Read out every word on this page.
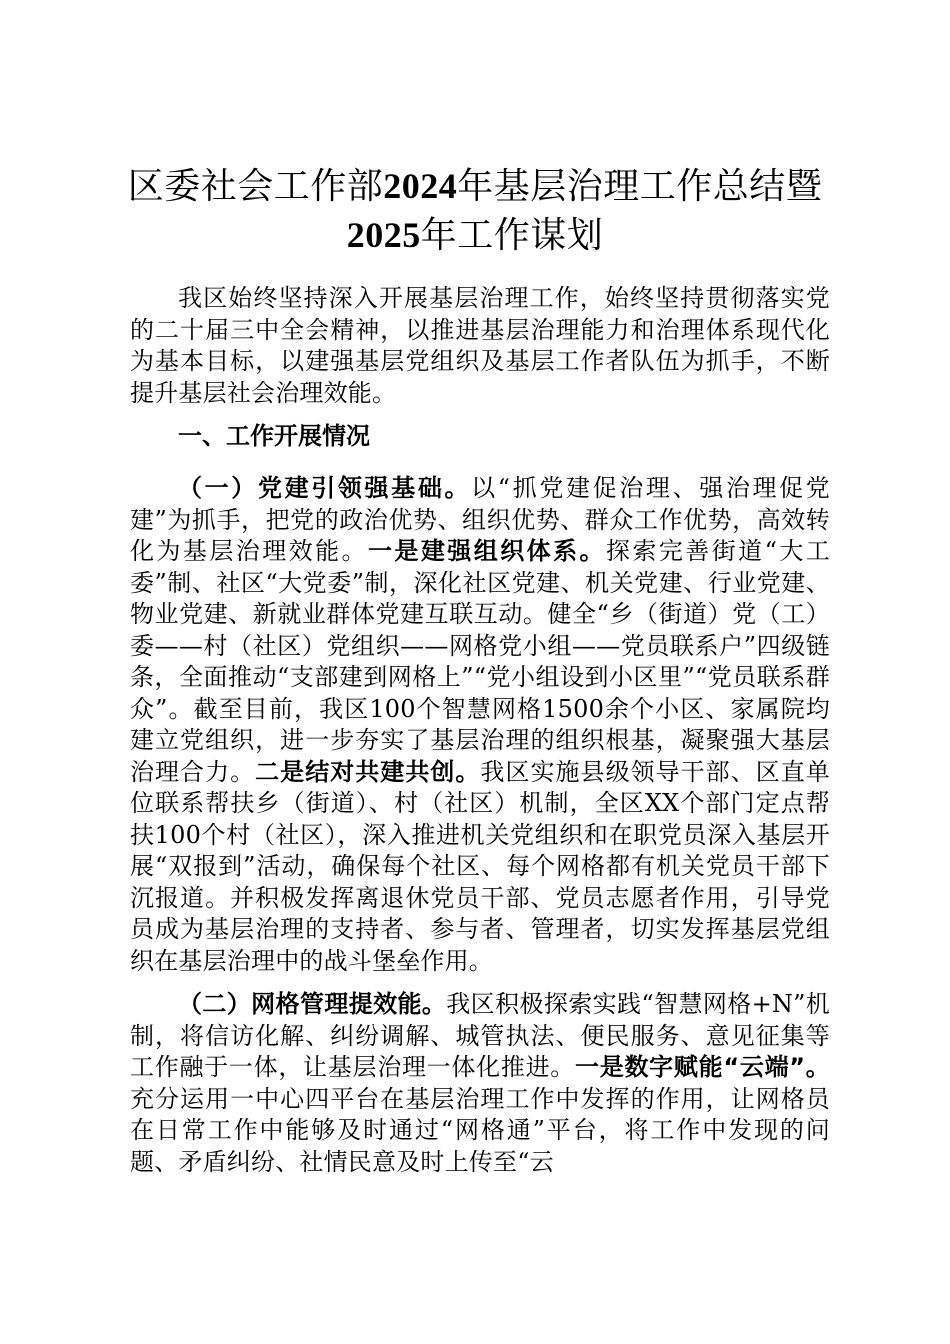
区委社会工作部2024年基层治理工作总结暨
2025年工作谋划

我区始终坚持深入开展基层治理工作，始终坚持贯彻落实党的二十届三中全会精神，以推进基层治理能力和治理体系现代化为基本目标，以建强基层党组织及基层工作者队伍为抓手，不断提升基层社会治理效能。

一、工作开展情况

（一）党建引领强基础。以“抓党建促治理、强治理促党建”为抓手，把党的政治优势、组织优势、群众工作优势，高效转化为基层治理效能。一是建强组织体系。探索完善街道“大工委”制、社区“大党委”制，深化社区党建、机关党建、行业党建、物业党建、新就业群体党建互联互动。健全“乡（街道）党（工）委——村（社区）党组织——网格党小组——党员联系户”四级链条，全面推动“支部建到网格上”“党小组设到小区里”“党员联系群众”。截至目前，我区100个智慧网格1500余个小区、家属院均建立党组织，进一步夯实了基层治理的组织根基，凝聚强大基层治理合力。二是结对共建共创。我区实施县级领导干部、区直单位联系帮扶乡（街道）、村（社区）机制，全区XX个部门定点帮扶100个村（社区），深入推进机关党组织和在职党员深入基层开展“双报到”活动，确保每个社区、每个网格都有机关党员干部下沉报道。并积极发挥离退休党员干部、党员志愿者作用，引导党员成为基层治理的支持者、参与者、管理者，切实发挥基层党组织在基层治理中的战斗堡垒作用。

（二）网格管理提效能。我区积极探索实践“智慧网格+N”机制，将信访化解、纠纷调解、城管执法、便民服务、意见征集等工作融于一体，让基层治理一体化推进。一是数字赋能“云端”。充分运用一中心四平台在基层治理工作中发挥的作用，让网格员在日常工作中能够及时通过“网格通”平台，将工作中发现的问题、矛盾纠纷、社情民意及时上传至“云
